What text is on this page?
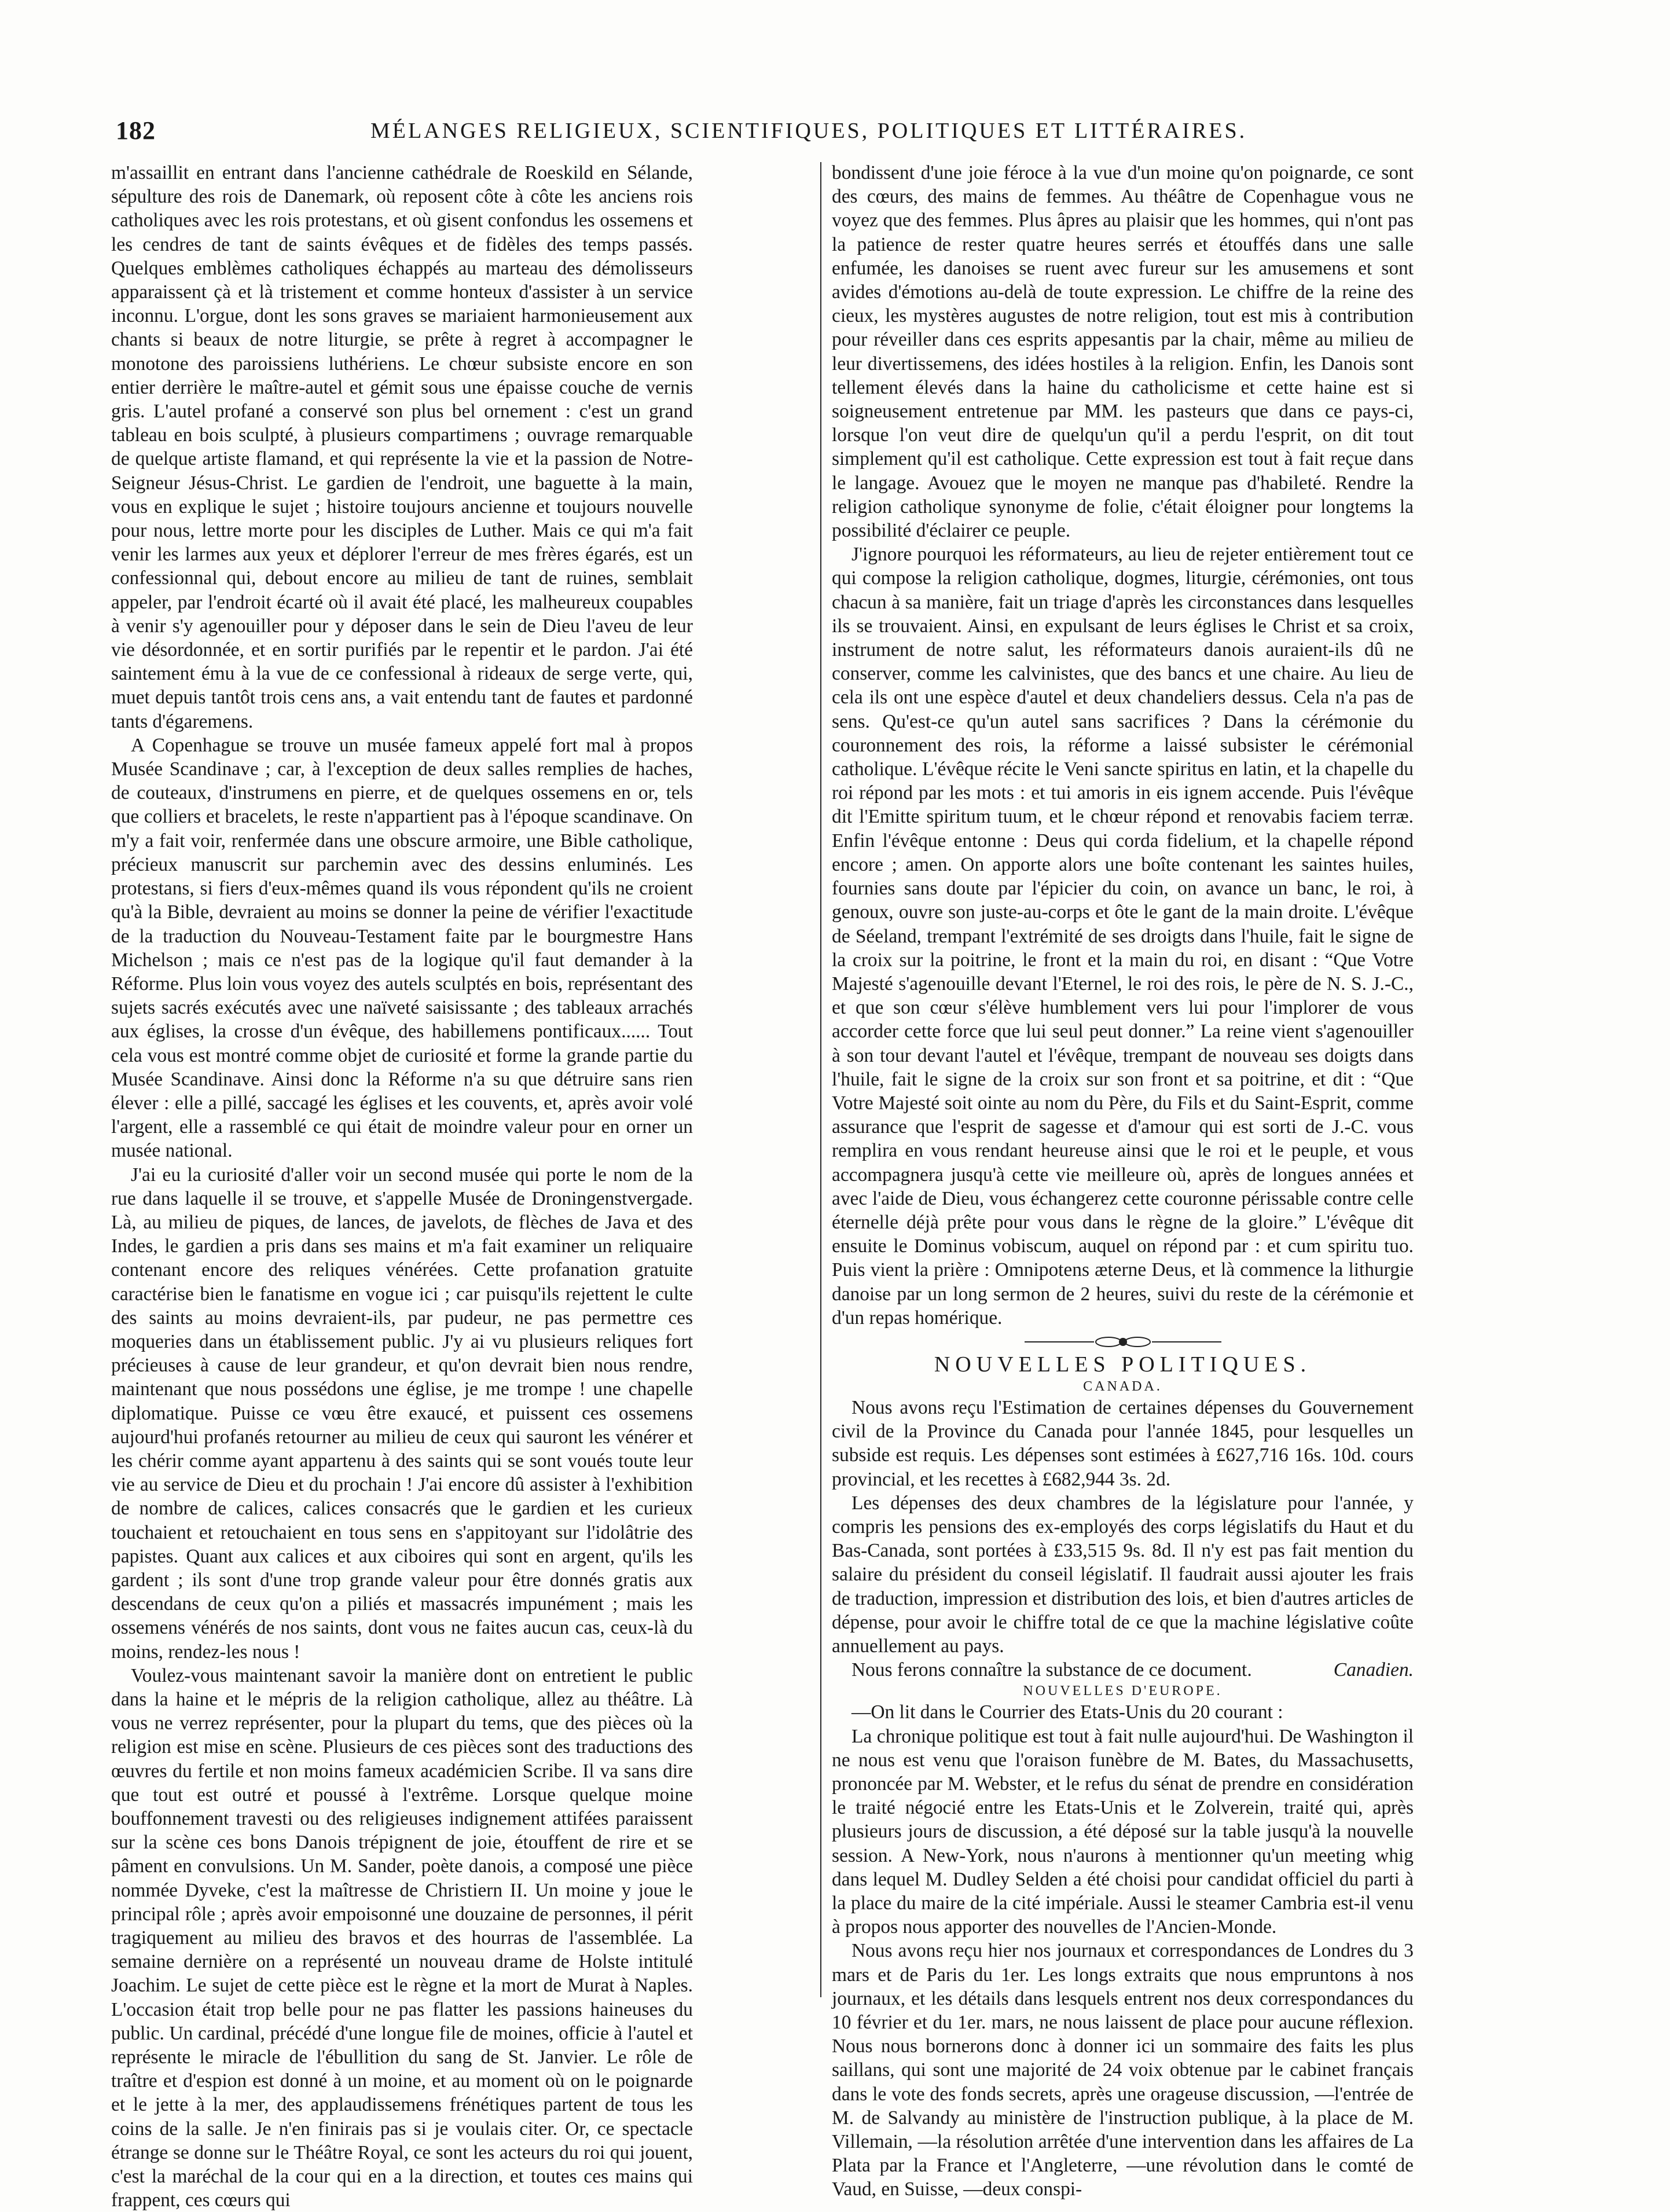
182	MÉLANGES RELIGIEUX, SCIENTIFIQUES, POLITIQUES ET LITTÉRAIRES.

m'assaillit en entrant dans l'ancienne cathédrale de Roeskild en Sélande, sépulture des rois de Danemark, où reposent côte à côte les anciens rois catholiques avec les rois protestans, et où gisent confondus les ossemens et les cendres de tant de saints évêques et de fidèles des temps passés. Quelques emblèmes catholiques échappés au marteau des démolisseurs apparaissent çà et là tristement et comme honteux d'assister à un service inconnu. L'orgue, dont les sons graves se mariaient harmonieusement aux chants si beaux de notre liturgie, se prête à regret à accompagner le monotone des paroissiens luthériens. Le chœur subsiste encore en son entier derrière le maître-autel et gémit sous une épaisse couche de vernis gris. L'autel profané a conservé son plus bel ornement : c'est un grand tableau en bois sculpté, à plusieurs compartimens ; ouvrage remarquable de quelque artiste flamand, et qui représente la vie et la passion de Notre-Seigneur Jésus-Christ. Le gardien de l'endroit, une baguette à la main, vous en explique le sujet ; histoire toujours ancienne et toujours nouvelle pour nous, lettre morte pour les disciples de Luther. Mais ce qui m'a fait venir les larmes aux yeux et déplorer l'erreur de mes frères égarés, est un confessionnal qui, debout encore au milieu de tant de ruines, semblait appeler, par l'endroit écarté où il avait été placé, les malheureux coupables à venir s'y agenouiller pour y déposer dans le sein de Dieu l'aveu de leur vie désordonnée, et en sortir purifiés par le repentir et le pardon. J'ai été saintement ému à la vue de ce confessional à rideaux de serge verte, qui, muet depuis tantôt trois cens ans, a vait entendu tant de fautes et pardonné tants d'égaremens.

A Copenhague se trouve un musée fameux appelé fort mal à propos Musée Scandinave ; car, à l'exception de deux salles remplies de haches, de couteaux, d'instrumens en pierre, et de quelques ossemens en or, tels que colliers et bracelets, le reste n'appartient pas à l'époque scandinave. On m'y a fait voir, renfermée dans une obscure armoire, une Bible catholique, précieux manuscrit sur parchemin avec des dessins enluminés. Les protestans, si fiers d'eux-mêmes quand ils vous répondent qu'ils ne croient qu'à la Bible, devraient au moins se donner la peine de vérifier l'exactitude de la traduction du Nouveau-Testament faite par le bourgmestre Hans Michelson ; mais ce n'est pas de la logique qu'il faut demander à la Réforme. Plus loin vous voyez des autels sculptés en bois, représentant des sujets sacrés exécutés avec une naïveté saisissante ; des tableaux arrachés aux églises, la crosse d'un évêque, des habillemens pontificaux...... Tout cela vous est montré comme objet de curiosité et forme la grande partie du Musée Scandinave. Ainsi donc la Réforme n'a su que détruire sans rien élever : elle a pillé, saccagé les églises et les couvents, et, après avoir volé l'argent, elle a rassemblé ce qui était de moindre valeur pour en orner un musée national.

J'ai eu la curiosité d'aller voir un second musée qui porte le nom de la rue dans laquelle il se trouve, et s'appelle Musée de Droningenstvergade. Là, au milieu de piques, de lances, de javelots, de flèches de Java et des Indes, le gardien a pris dans ses mains et m'a fait examiner un reliquaire contenant encore des reliques vénérées. Cette profanation gratuite caractérise bien le fanatisme en vogue ici ; car puisqu'ils rejettent le culte des saints au moins devraient-ils, par pudeur, ne pas permettre ces moqueries dans un établissement public. J'y ai vu plusieurs reliques fort précieuses à cause de leur grandeur, et qu'on devrait bien nous rendre, maintenant que nous possédons une église, je me trompe ! une chapelle diplomatique. Puisse ce vœu être exaucé, et puissent ces ossemens aujourd'hui profanés retourner au milieu de ceux qui sauront les vénérer et les chérir comme ayant appartenu à des saints qui se sont voués toute leur vie au service de Dieu et du prochain ! J'ai encore dû assister à l'exhibition de nombre de calices, calices consacrés que le gardien et les curieux touchaient et retouchaient en tous sens en s'appitoyant sur l'idolâtrie des papistes. Quant aux calices et aux ciboires qui sont en argent, qu'ils les gardent ; ils sont d'une trop grande valeur pour être donnés gratis aux descendans de ceux qu'on a piliés et massacrés impunément ; mais les ossemens vénérés de nos saints, dont vous ne faites aucun cas, ceux-là du moins, rendez-les nous !

Voulez-vous maintenant savoir la manière dont on entretient le public dans la haine et le mépris de la religion catholique, allez au théâtre. Là vous ne verrez représenter, pour la plupart du tems, que des pièces où la religion est mise en scène. Plusieurs de ces pièces sont des traductions des œuvres du fertile et non moins fameux académicien Scribe. Il va sans dire que tout est outré et poussé à l'extrême. Lorsque quelque moine bouffonnement travesti ou des religieuses indignement attifées paraissent sur la scène ces bons Danois trépignent de joie, étouffent de rire et se pâment en convulsions. Un M. Sander, poète danois, a composé une pièce nommée Dyveke, c'est la maîtresse de Christiern II. Un moine y joue le principal rôle ; après avoir empoisonné une douzaine de personnes, il périt tragiquement au milieu des bravos et des hourras de l'assemblée. La semaine dernière on a représenté un nouveau drame de Holste intitulé Joachim. Le sujet de cette pièce est le règne et la mort de Murat à Naples. L'occasion était trop belle pour ne pas flatter les passions haineuses du public. Un cardinal, précédé d'une longue file de moines, officie à l'autel et représente le miracle de l'ébullition du sang de St. Janvier. Le rôle de traître et d'espion est donné à un moine, et au moment où on le poignarde et le jette à la mer, des applaudissemens frénétiques partent de tous les coins de la salle. Je n'en finirais pas si je voulais citer. Or, ce spectacle étrange se donne sur le Théâtre Royal, ce sont les acteurs du roi qui jouent, c'est la maréchal de la cour qui en a la direction, et toutes ces mains qui frappent, ces cœurs qui

bondissent d'une joie féroce à la vue d'un moine qu'on poignarde, ce sont des cœurs, des mains de femmes. Au théâtre de Copenhague vous ne voyez que des femmes. Plus âpres au plaisir que les hommes, qui n'ont pas la patience de rester quatre heures serrés et étouffés dans une salle enfumée, les danoises se ruent avec fureur sur les amusemens et sont avides d'émotions au-delà de toute expression. Le chiffre de la reine des cieux, les mystères augustes de notre religion, tout est mis à contribution pour réveiller dans ces esprits appesantis par la chair, même au milieu de leur divertissemens, des idées hostiles à la religion. Enfin, les Danois sont tellement élevés dans la haine du catholicisme et cette haine est si soigneusement entretenue par MM. les pasteurs que dans ce pays-ci, lorsque l'on veut dire de quelqu'un qu'il a perdu l'esprit, on dit tout simplement qu'il est catholique. Cette expression est tout à fait reçue dans le langage. Avouez que le moyen ne manque pas d'habileté. Rendre la religion catholique synonyme de folie, c'était éloigner pour longtems la possibilité d'éclairer ce peuple.

J'ignore pourquoi les réformateurs, au lieu de rejeter entièrement tout ce qui compose la religion catholique, dogmes, liturgie, cérémonies, ont tous chacun à sa manière, fait un triage d'après les circonstances dans lesquelles ils se trouvaient. Ainsi, en expulsant de leurs églises le Christ et sa croix, instrument de notre salut, les réformateurs danois auraient-ils dû ne conserver, comme les calvinistes, que des bancs et une chaire. Au lieu de cela ils ont une espèce d'autel et deux chandeliers dessus. Cela n'a pas de sens. Qu'est-ce qu'un autel sans sacrifices ? Dans la cérémonie du couronnement des rois, la réforme a laissé subsister le cérémonial catholique. L'évêque récite le Veni sancte spiritus en latin, et la chapelle du roi répond par les mots : et tui amoris in eis ignem accende. Puis l'évêque dit l'Emitte spiritum tuum, et le chœur répond et renovabis faciem terræ. Enfin l'évêque entonne : Deus qui corda fidelium, et la chapelle répond encore ; amen. On apporte alors une boîte contenant les saintes huiles, fournies sans doute par l'épicier du coin, on avance un banc, le roi, à genoux, ouvre son juste-au-corps et ôte le gant de la main droite. L'évêque de Séeland, trempant l'extrémité de ses droigts dans l'huile, fait le signe de la croix sur la poitrine, le front et la main du roi, en disant : “Que Votre Majesté s'agenouille devant l'Eternel, le roi des rois, le père de N. S. J.-C., et que son cœur s'élève humblement vers lui pour l'implorer de vous accorder cette force que lui seul peut donner.” La reine vient s'agenouiller à son tour devant l'autel et l'évêque, trempant de nouveau ses doigts dans l'huile, fait le signe de la croix sur son front et sa poitrine, et dit : “Que Votre Majesté soit ointe au nom du Père, du Fils et du Saint-Esprit, comme assurance que l'esprit de sagesse et d'amour qui est sorti de J.-C. vous remplira en vous rendant heureuse ainsi que le roi et le peuple, et vous accompagnera jusqu'à cette vie meilleure où, après de longues années et avec l'aide de Dieu, vous échangerez cette couronne périssable contre celle éternelle déjà prête pour vous dans le règne de la gloire.” L'évêque dit ensuite le Dominus vobiscum, auquel on répond par : et cum spiritu tuo. Puis vient la prière : Omnipotens æterne Deus, et là commence la lithurgie danoise par un long sermon de 2 heures, suivi du reste de la cérémonie et d'un repas homérique.

NOUVELLES POLITIQUES.
CANADA.

Nous avons reçu l'Estimation de certaines dépenses du Gouvernement civil de la Province du Canada pour l'année 1845, pour lesquelles un subside est requis. Les dépenses sont estimées à £627,716 16s. 10d. cours provincial, et les recettes à £682,944 3s. 2d.

Les dépenses des deux chambres de la législature pour l'année, y compris les pensions des ex-employés des corps législatifs du Haut et du Bas-Canada, sont portées à £33,515 9s. 8d. Il n'y est pas fait mention du salaire du président du conseil législatif. Il faudrait aussi ajouter les frais de traduction, impression et distribution des lois, et bien d'autres articles de dépense, pour avoir le chiffre total de ce que la machine législative coûte annuellement au pays.

Nous ferons connaître la substance de ce document.	Canadien.

NOUVELLES D'EUROPE.

—On lit dans le Courrier des Etats-Unis du 20 courant :

La chronique politique est tout à fait nulle aujourd'hui. De Washington il ne nous est venu que l'oraison funèbre de M. Bates, du Massachusetts, prononcée par M. Webster, et le refus du sénat de prendre en considération le traité négocié entre les Etats-Unis et le Zolverein, traité qui, après plusieurs jours de discussion, a été déposé sur la table jusqu'à la nouvelle session. A New-York, nous n'aurons à mentionner qu'un meeting whig dans lequel M. Dudley Selden a été choisi pour candidat officiel du parti à la place du maire de la cité impériale. Aussi le steamer Cambria est-il venu à propos nous apporter des nouvelles de l'Ancien-Monde.

Nous avons reçu hier nos journaux et correspondances de Londres du 3 mars et de Paris du 1er. Les longs extraits que nous empruntons à nos journaux, et les détails dans lesquels entrent nos deux correspondances du 10 février et du 1er. mars, ne nous laissent de place pour aucune réflexion. Nous nous bornerons donc à donner ici un sommaire des faits les plus saillans, qui sont une majorité de 24 voix obtenue par le cabinet français dans le vote des fonds secrets, après une orageuse discussion, —l'entrée de M. de Salvandy au ministère de l'instruction publique, à la place de M. Villemain, —la résolution arrêtée d'une intervention dans les affaires de La Plata par la France et l'Angleterre, —une révolution dans le comté de Vaud, en Suisse, —deux conspi-
